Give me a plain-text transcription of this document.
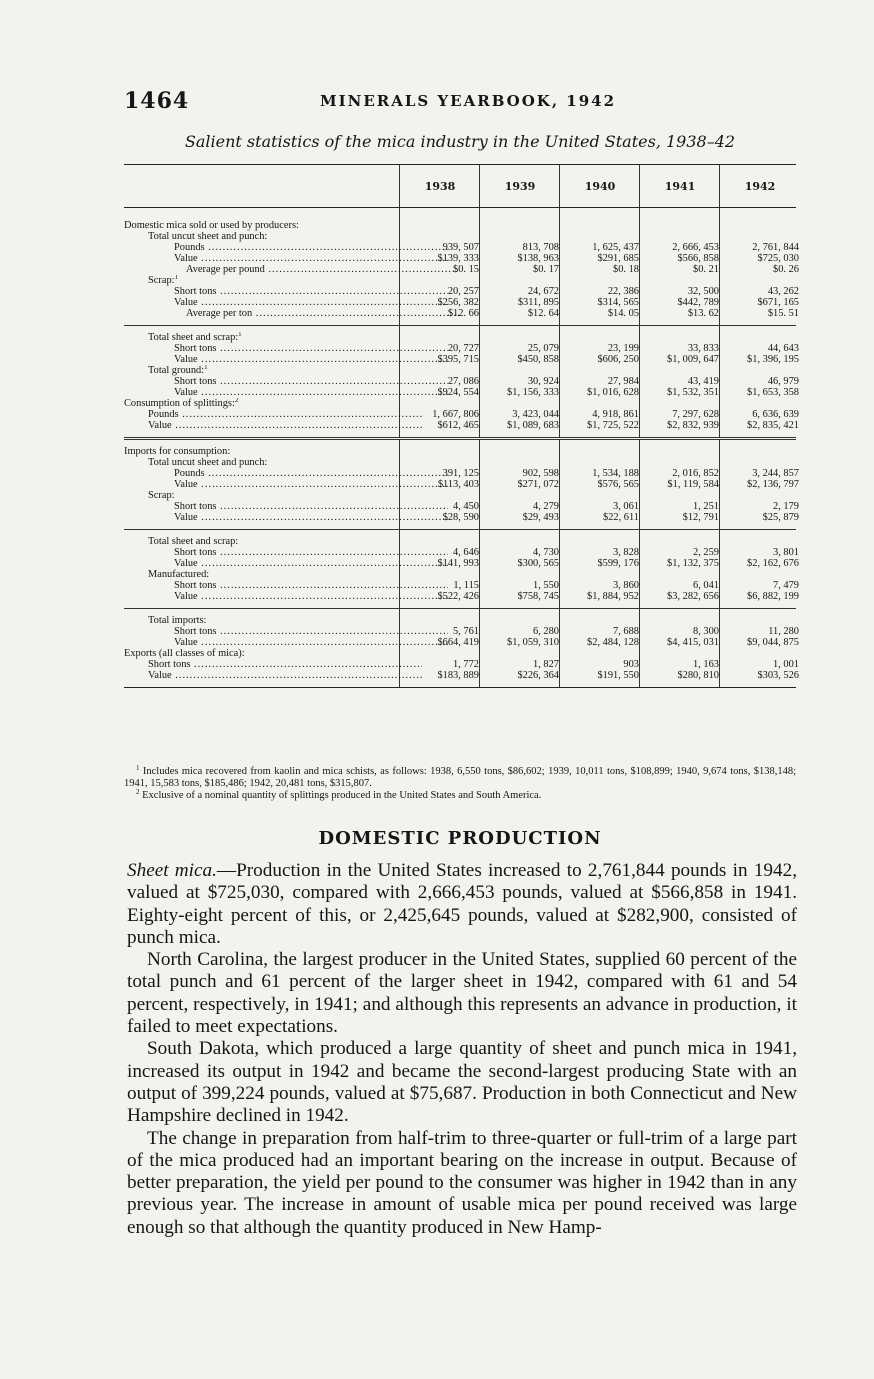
1464	MINERALS YEARBOOK, 1942
Salient statistics of the mica industry in the United States, 1938–42
1938	1939	1940	1941	1942
Domestic mica sold or used by producers:
Total uncut sheet and punch:
Pounds .....	939, 507	813, 708	1, 625, 437	2, 666, 453	2, 761, 844
Value .....	$139, 333	$138, 963	$291, 685	$566, 858	$725, 030
Average per pound .....	$0. 15	$0. 17	$0. 18	$0. 21	$0. 26
Scrap:$^1$
Short tons .....	20, 257	24, 672	22, 386	32, 500	43, 262
Value .....	$256, 382	$311, 895	$314, 565	$442, 789	$671, 165
Average per ton .....	$12. 66	$12. 64	$14. 05	$13. 62	$15. 51
Total sheet and scrap:$^1$
Short tons .....	20, 727	25, 079	23, 199	33, 833	44, 643
Value .....	$395, 715	$450, 858	$606, 250	$1, 009, 647	$1, 396, 195
Total ground:$^1$
Short tons .....	27, 086	30, 924	27, 984	43, 419	46, 979
Value .....	$924, 554	$1, 156, 333	$1, 016, 628	$1, 532, 351	$1, 653, 358
Consumption of splittings:$^2$
Pounds .....	1, 667, 806	3, 423, 044	4, 918, 861	7, 297, 628	6, 636, 639
Value .....	$612, 465	$1, 089, 683	$1, 725, 522	$2, 832, 939	$2, 835, 421
Imports for consumption:
Total uncut sheet and punch:
Pounds .....	391, 125	902, 598	1, 534, 188	2, 016, 852	3, 244, 857
Value .....	$113, 403	$271, 072	$576, 565	$1, 119, 584	$2, 136, 797
Scrap:
Short tons .....	4, 450	4, 279	3, 061	1, 251	2, 179
Value .....	$28, 590	$29, 493	$22, 611	$12, 791	$25, 879
Total sheet and scrap:
Short tons .....	4, 646	4, 730	3, 828	2, 259	3, 801
Value .....	$141, 993	$300, 565	$599, 176	$1, 132, 375	$2, 162, 676
Manufactured:
Short tons .....	1, 115	1, 550	3, 860	6, 041	7, 479
Value .....	$522, 426	$758, 745	$1, 884, 952	$3, 282, 656	$6, 882, 199
Total imports:
Short tons .....	5, 761	6, 280	7, 688	8, 300	11, 280
Value .....	$664, 419	$1, 059, 310	$2, 484, 128	$4, 415, 031	$9, 044, 875
Exports (all classes of mica):
Short tons .....	1, 772	1, 827	903	1, 163	1, 001
Value .....	$183, 889	$226, 364	$191, 550	$280, 810	$303, 526

$^1$ Includes mica recovered from kaolin and mica schists, as follows: 1938, 6,550 tons, $86,602; 1939, 10,011 tons, $108,899; 1940, 9,674 tons, $138,148; 1941, 15,583 tons, $185,486; 1942, 20,481 tons, $315,807.

$^2$ Exclusive of a nominal quantity of splittings produced in the United States and South America.

DOMESTIC PRODUCTION

Sheet mica.—Production in the United States increased to 2,761,844 pounds in 1942, valued at $725,030, compared with 2,666,453 pounds, valued at $566,858 in 1941. Eighty-eight percent of this, or 2,425,645 pounds, valued at $282,900, consisted of punch mica.

North Carolina, the largest producer in the United States, supplied 60 percent of the total punch and 61 percent of the larger sheet in 1942, compared with 61 and 54 percent, respectively, in 1941; and although this represents an advance in production, it failed to meet expectations.

South Dakota, which produced a large quantity of sheet and punch mica in 1941, increased its output in 1942 and became the second-largest producing State with an output of 399,224 pounds, valued at $75,687. Production in both Connecticut and New Hampshire declined in 1942.

The change in preparation from half-trim to three-quarter or full-trim of a large part of the mica produced had an important bearing on the increase in output. Because of better preparation, the yield per pound to the consumer was higher in 1942 than in any previous year. The increase in amount of usable mica per pound received was large enough so that although the quantity produced in New Hamp-
